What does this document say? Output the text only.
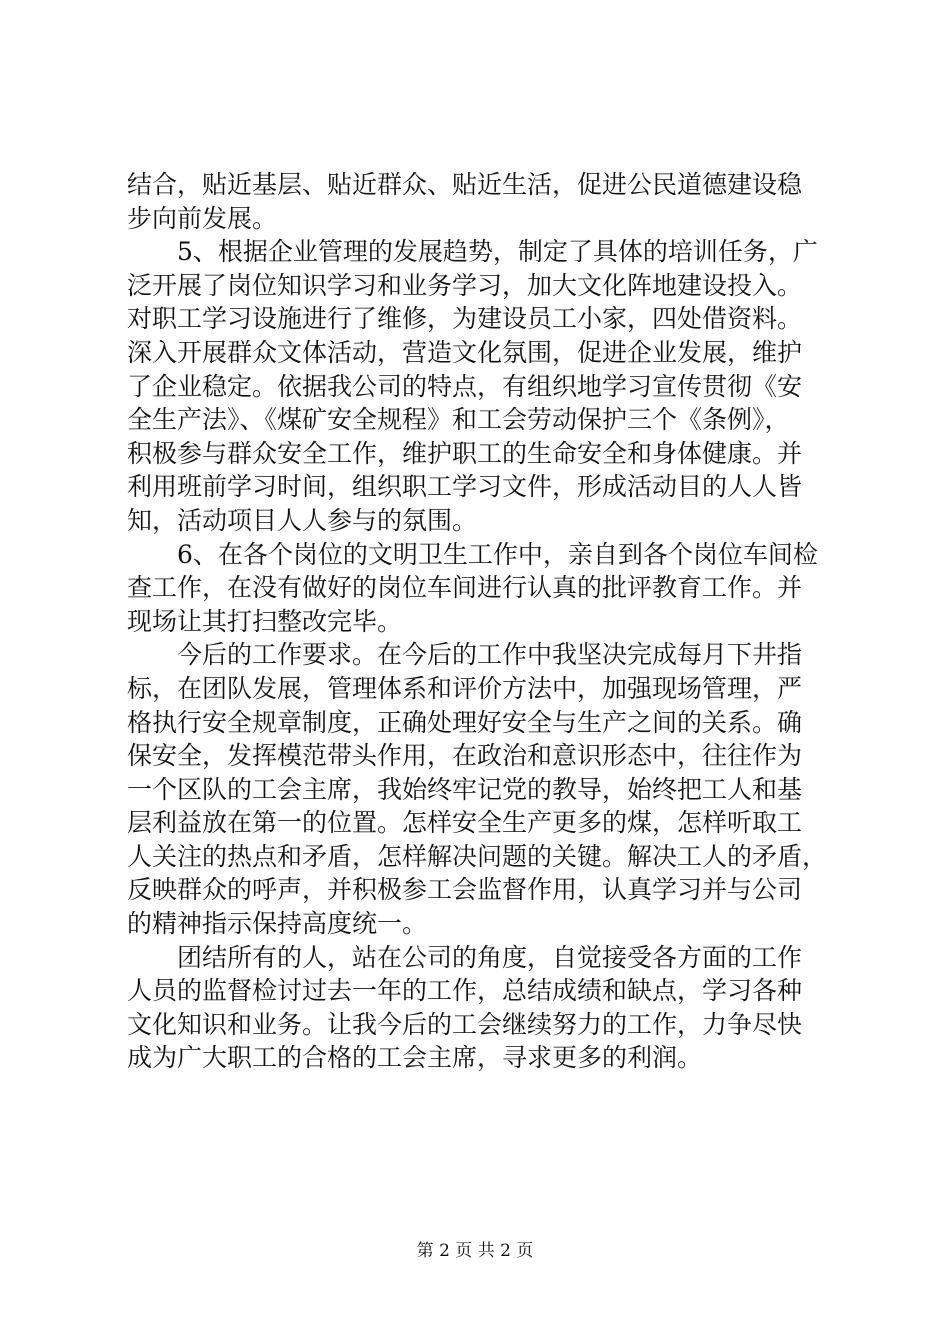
结合，贴近基层、贴近群众、贴近生活，促进公民道德建设稳
步向前发展。
　　5、根据企业管理的发展趋势，制定了具体的培训任务，广
泛开展了岗位知识学习和业务学习，加大文化阵地建设投入。
对职工学习设施进行了维修，为建设员工小家，四处借资料。
深入开展群众文体活动，营造文化氛围，促进企业发展，维护
了企业稳定。依据我公司的特点，有组织地学习宣传贯彻《安
全生产法》、《煤矿安全规程》和工会劳动保护三个《条例》，
积极参与群众安全工作，维护职工的生命安全和身体健康。并
利用班前学习时间，组织职工学习文件，形成活动目的人人皆
知，活动项目人人参与的氛围。
　　6、在各个岗位的文明卫生工作中，亲自到各个岗位车间检
查工作，在没有做好的岗位车间进行认真的批评教育工作。并
现场让其打扫整改完毕。
　　今后的工作要求。在今后的工作中我坚决完成每月下井指
标，在团队发展，管理体系和评价方法中，加强现场管理，严
格执行安全规章制度，正确处理好安全与生产之间的关系。确
保安全，发挥模范带头作用，在政治和意识形态中，往往作为
一个区队的工会主席，我始终牢记党的教导，始终把工人和基
层利益放在第一的位置。怎样安全生产更多的煤，怎样听取工
人关注的热点和矛盾，怎样解决问题的关键。解决工人的矛盾，
反映群众的呼声，并积极参工会监督作用，认真学习并与公司
的精神指示保持高度统一。
　　团结所有的人，站在公司的角度，自觉接受各方面的工作
人员的监督检讨过去一年的工作，总结成绩和缺点，学习各种
文化知识和业务。让我今后的工会继续努力的工作，力争尽快
成为广大职工的合格的工会主席，寻求更多的利润。
第 2 页 共 2 页
